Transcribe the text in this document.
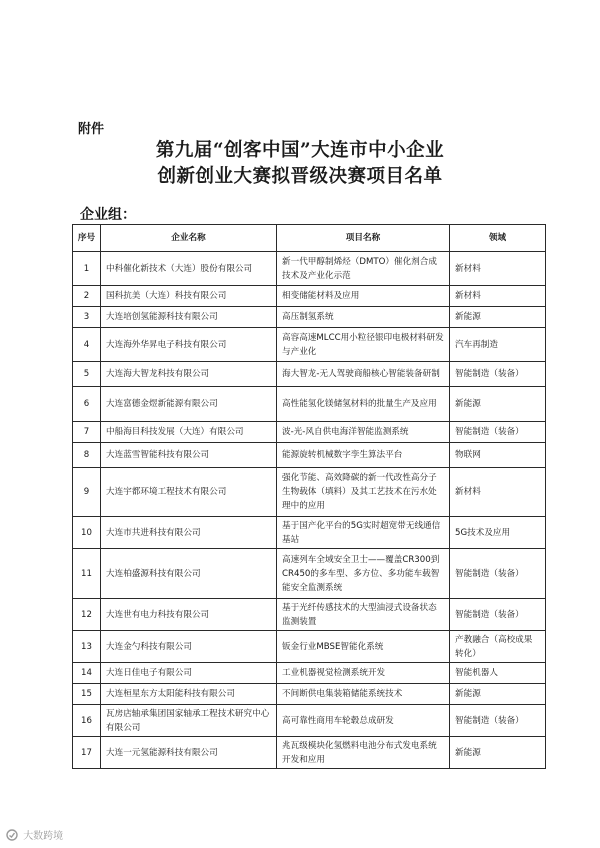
附件
第九届“创客中国”大连市中小企业
创新创业大赛拟晋级决赛项目名单
企业组：
序号	企业名称	项目名称	领域
1	中科催化新技术（大连）股份有限公司	新一代甲醇制烯烃（DMTO）催化剂合成技术及产业化示范	新材料
2	国科抗美（大连）科技有限公司	相变储能材料及应用	新材料
3	大连培创氢能源科技有限公司	高压制氢系统	新能源
4	大连海外华昇电子科技有限公司	高容高速MLCC用小粒径银印电极材料研发与产业化	汽车再制造
5	大连海大智龙科技有限公司	海大智龙-无人驾驶商船核心智能装备研制	智能制造（装备）
6	大连富德金煜新能源有限公司	高性能氢化镁储氢材料的批量生产及应用	新能源
7	中船海目科技发展（大连）有限公司	波-光-风自供电海洋智能监测系统	智能制造（装备）
8	大连蓝雪智能科技有限公司	能源旋转机械数字孪生算法平台	物联网
9	大连宇都环境工程技术有限公司	强化节能、高效降碳的新一代改性高分子生物载体（填料）及其工艺技术在污水处理中的应用	新材料
10	大连市共进科技有限公司	基于国产化平台的5G实时超宽带无线通信基站	5G技术及应用
11	大连柏盛源科技有限公司	高速列车全域安全卫士——覆盖CR300到CR450的多车型、多方位、多功能车载智能安全监测系统	智能制造（装备）
12	大连世有电力科技有限公司	基于光纤传感技术的大型油浸式设备状态监测装置	智能制造（装备）
13	大连金勺科技有限公司	钣金行业MBSE智能化系统	产教融合（高校成果转化）
14	大连日佳电子有限公司	工业机器视觉检测系统开发	智能机器人
15	大连桓星东方太阳能科技有限公司	不间断供电集装箱储能系统技术	新能源
16	瓦房店轴承集团国家轴承工程技术研究中心有限公司	高可靠性商用车轮毂总成研发	智能制造（装备）
17	大连一元氢能源科技有限公司	兆瓦级模块化氢燃料电池分布式发电系统开发和应用	新能源
大数跨境
